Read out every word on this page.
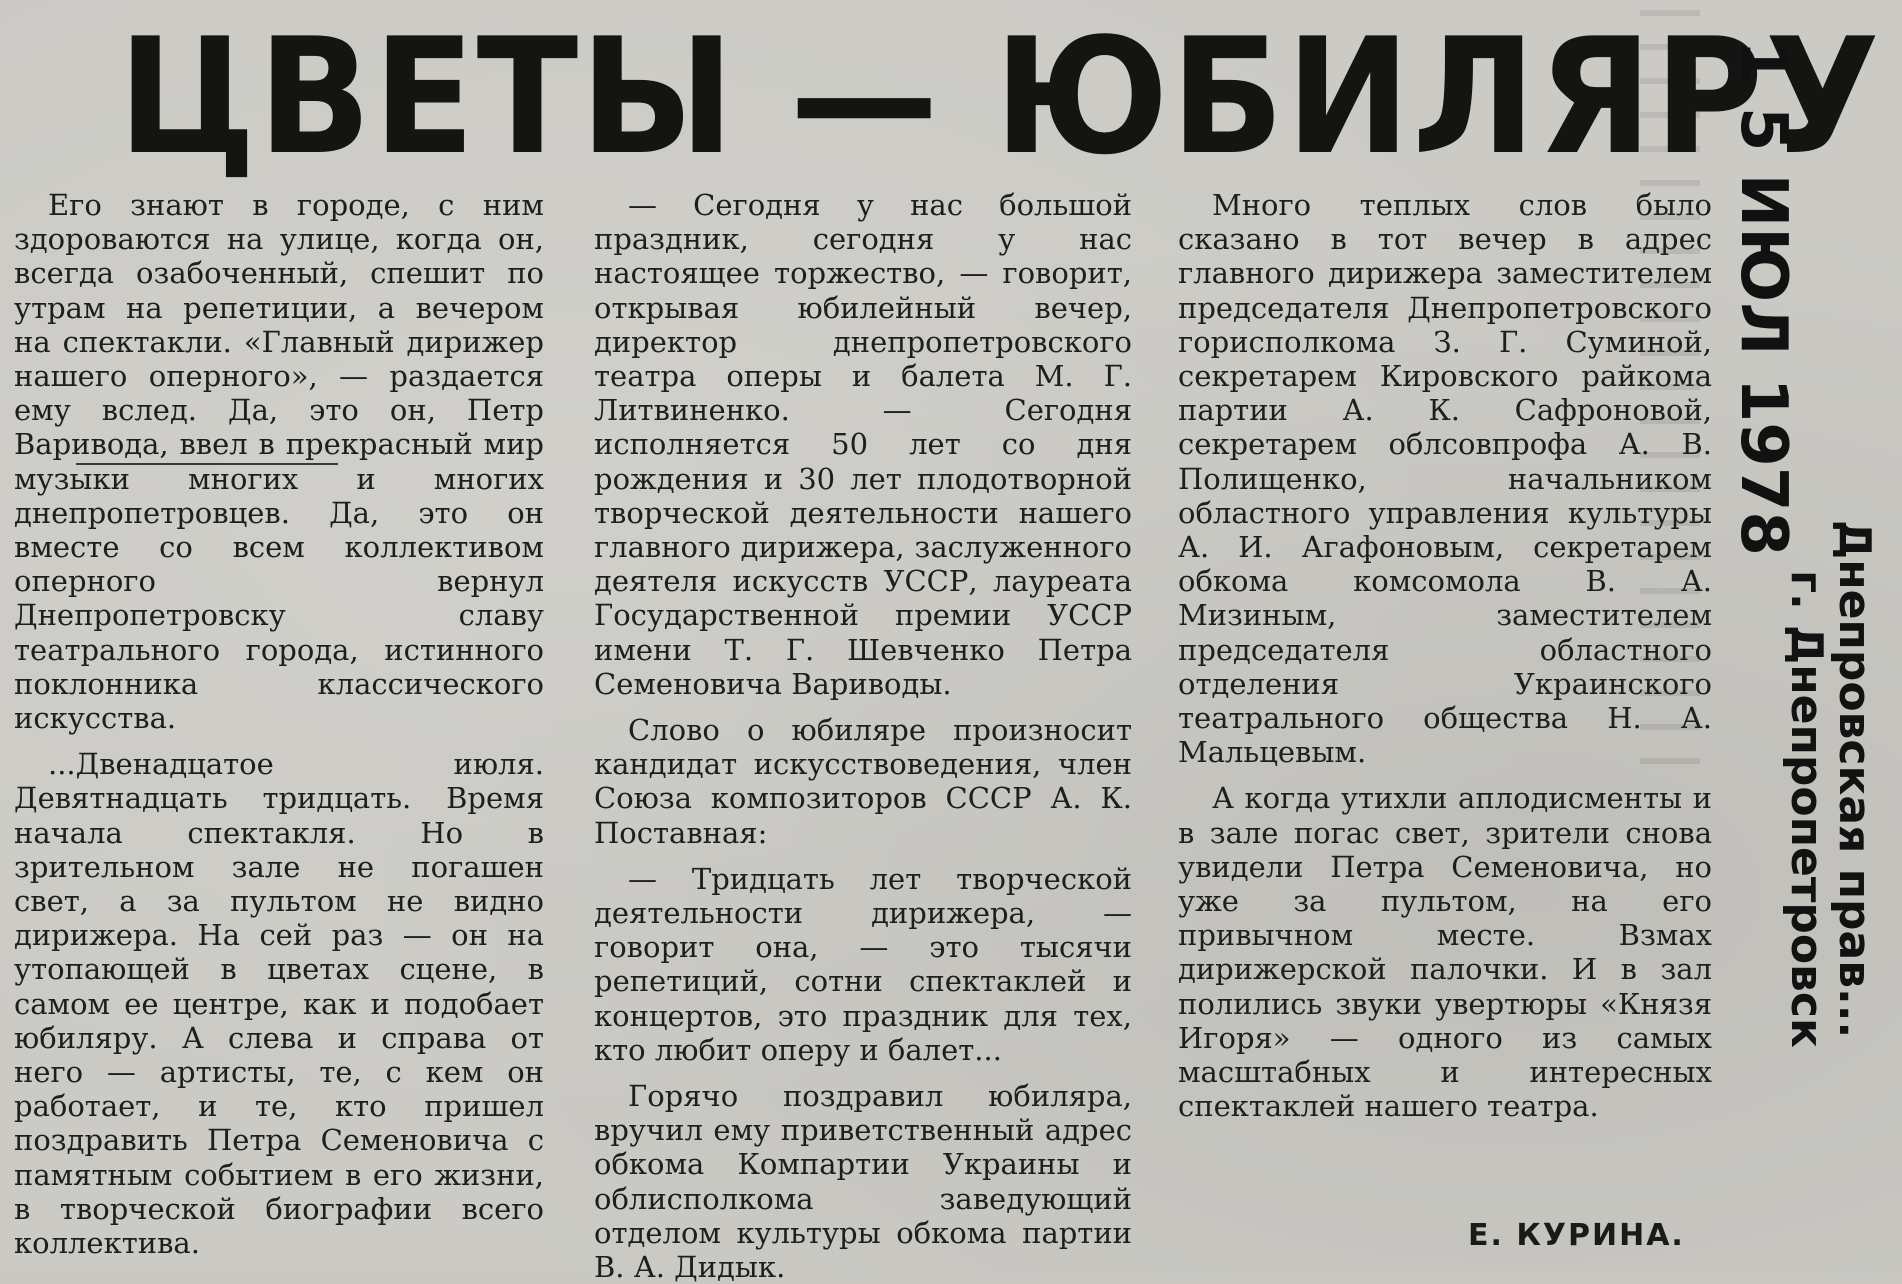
ЦВЕТЫ — ЮБИЛЯРУ

Его знают в городе, с ним здороваются на улице, когда он, всегда озабоченный, спешит по утрам на репетиции, а вечером на спектакли. «Главный дирижер нашего оперного», — раздается ему вслед. Да, это он, Петр Варивода, ввел в прекрасный мир музыки многих и многих днепропетровцев. Да, это он вместе со всем коллективом оперного вернул Днепропетровску славу театрального города, истинного поклонника классического искусства.

...Двенадцатое июля. Девятнадцать тридцать. Время начала спектакля. Но в зрительном зале не погашен свет, а за пультом не видно дирижера. На сей раз — он на утопающей в цветах сцене, в самом ее центре, как и подобает юбиляру. А слева и справа от него — артисты, те, с кем он работает, и те, кто пришел поздравить Петра Семеновича с памятным событием в его жизни, в творческой биографии всего коллектива.

— Сегодня у нас большой праздник, сегодня у нас настоящее торжество, — говорит, открывая юбилейный вечер, директор днепропетровского театра оперы и балета М. Г. Литвиненко. — Сегодня исполняется 50 лет со дня рождения и 30 лет плодотворной творческой деятельности нашего главного дирижера, заслуженного деятеля искусств УССР, лауреата Государственной премии УССР имени Т. Г. Шевченко Петра Семеновича Вариводы.

Слово о юбиляре произносит кандидат искусствоведения, член Союза композиторов СССР А. К. Поставная:

— Тридцать лет творческой деятельности дирижера, — говорит она, — это тысячи репетиций, сотни спектаклей и концертов, это праздник для тех, кто любит оперу и балет...

Горячо поздравил юбиляра, вручил ему приветственный адрес обкома Компартии Украины и облисполкома заведующий отделом культуры обкома партии В. А. Дидык.

Много теплых слов было сказано в тот вечер в адрес главного дирижера заместителем председателя Днепропетровского горисполкома З. Г. Суминой, секретарем Кировского райкома партии А. К. Сафроновой, секретарем облсовпрофа А. В. Полищенко, начальником областного управления культуры А. И. Агафоновым, секретарем обкома комсомола В. А. Мизиным, заместителем председателя областного отделения Украинского театрального общества Н. А. Мальцевым.

А когда утихли аплодисменты и в зале погас свет, зрители снова увидели Петра Семеновича, но уже за пультом, на его привычном месте. Взмах дирижерской палочки. И в зал полились звуки увертюры «Князя Игоря» — одного из самых масштабных и интересных спектаклей нашего театра.

Е. КУРИНА.
1 5 ИЮЛ 1978
Днепровская прав...
г. Днепропетровск
